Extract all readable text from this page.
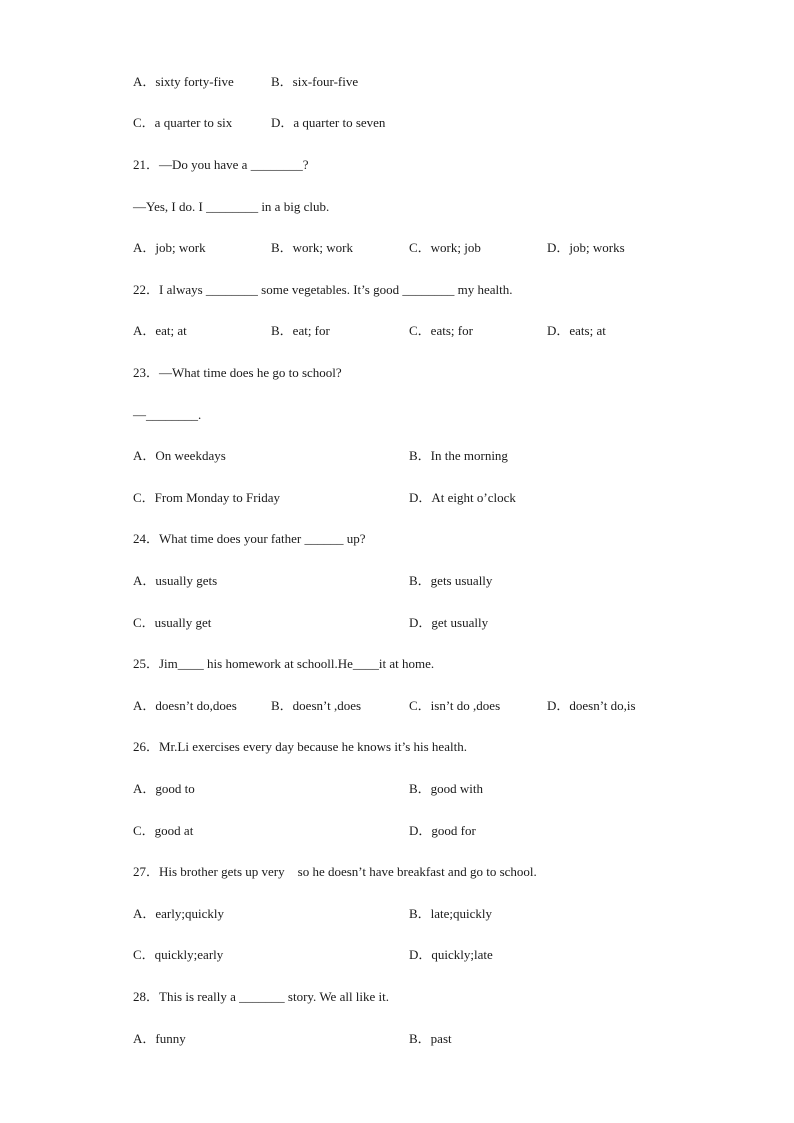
A．sixty forty-five	B．six-four-five
C．a quarter to six	D．a quarter to seven
21．—Do you have a ________?
—Yes, I do. I ________ in a big club.
A．job; work	B．work; work	C．work; job	D．job; works
22．I always ________ some vegetables. It’s good ________ my health.
A．eat; at	B．eat; for	C．eats; for	D．eats; at
23．—What time does he go to school?
—________.
A．On weekdays	B．In the morning
C．From Monday to Friday	D．At eight o’clock
24．What time does your father ______ up?
A．usually gets	B．gets usually
C．usually get	D．get usually
25．Jim____ his homework at schooll.He____it at home.
A．doesn’t do,does	B．doesn’t ,does	C．isn’t do ,does	D．doesn’t do,is
26．Mr.Li exercises every day because he knows it’s his health.
A．good to	B．good with
C．good at	D．good for
27．His brother gets up very    so he doesn’t have breakfast and go to school.
A．early;quickly	B．late;quickly
C．quickly;early	D．quickly;late
28．This is really a _______ story. We all like it.
A．funny	B．past
